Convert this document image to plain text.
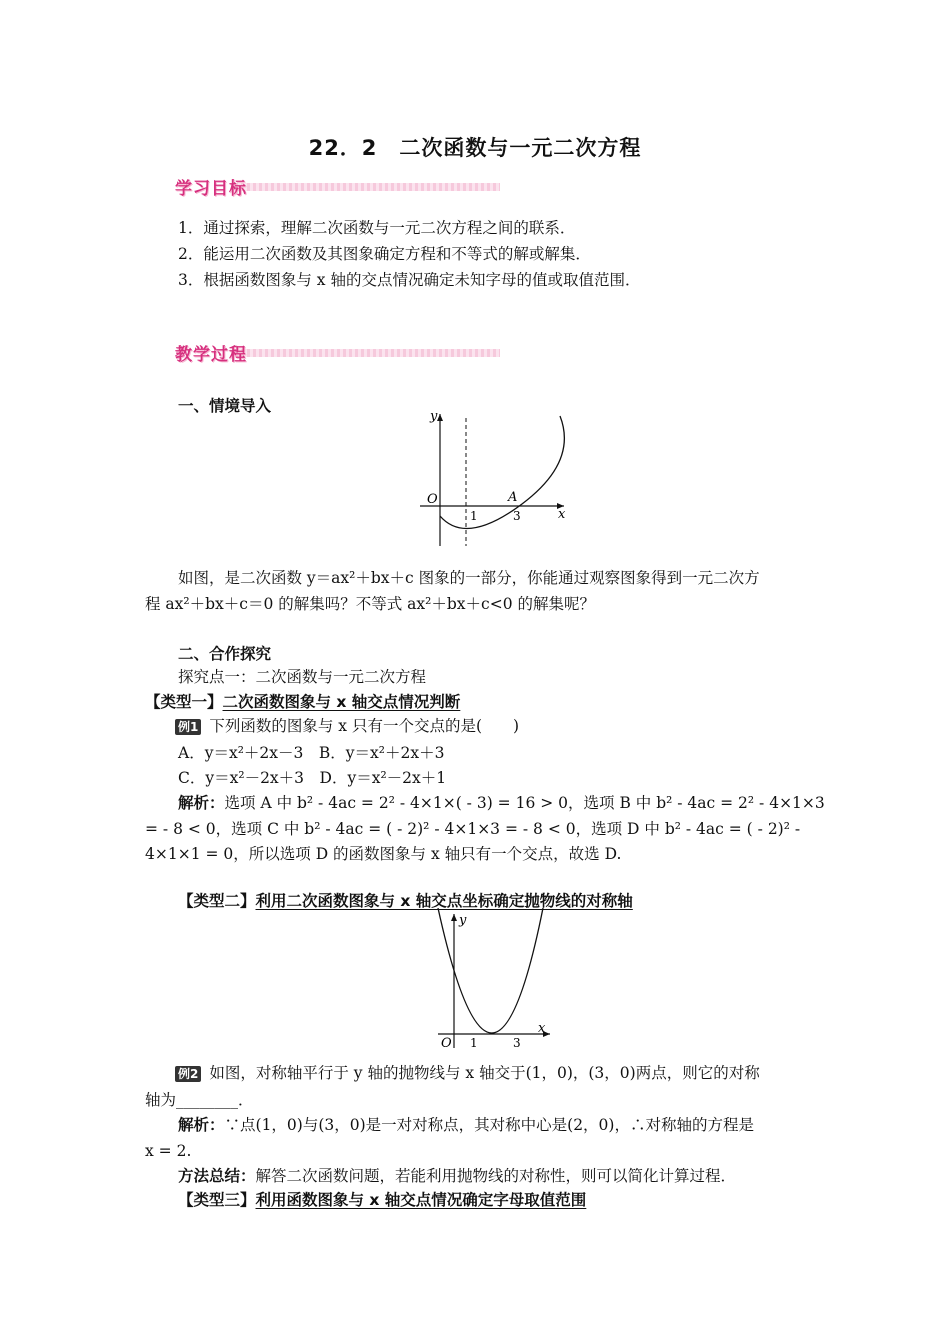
22．2　二次函数与一元二次方程
学习目标
1．通过探索，理解二次函数与一元二次方程之间的联系．
2．能运用二次函数及其图象确定方程和不等式的解或解集．
3．根据函数图象与 x 轴的交点情况确定未知字母的值或取值范围．
教学过程
一、情境导入
y
x
O	A
1	3
如图，是二次函数 y＝ax²＋bx＋c 图象的一部分，你能通过观察图象得到一元二次方
程 ax²＋bx＋c＝0 的解集吗？不等式 ax²＋bx＋c<0 的解集呢？
二、合作探究
探究点一：二次函数与一元二次方程
【类型一】二次函数图象与 x 轴交点情况判断
例1 下列函数的图象与 x 只有一个交点的是(　　)
A．y＝x²＋2x－3　B．y＝x²＋2x＋3
C．y＝x²－2x＋3　D．y＝x²－2x＋1
解析：选项 A 中 b² - 4ac = 2² - 4×1×( - 3) = 16 > 0，选项 B 中 b² - 4ac = 2² - 4×1×3
= - 8 < 0，选项 C 中 b² - 4ac = ( - 2)² - 4×1×3 = - 8 < 0，选项 D 中 b² - 4ac = ( - 2)² -
4×1×1 = 0，所以选项 D 的函数图象与 x 轴只有一个交点，故选 D.
【类型二】利用二次函数图象与 x 轴交点坐标确定抛物线的对称轴
y
x
O 1	3
例2 如图，对称轴平行于 y 轴的抛物线与 x 轴交于(1，0)，(3，0)两点，则它的对称
轴为________．
解析：∵点(1，0)与(3，0)是一对对称点，其对称中心是(2，0)，∴对称轴的方程是
x = 2.
方法总结：解答二次函数问题，若能利用抛物线的对称性，则可以简化计算过程．
【类型三】利用函数图象与 x 轴交点情况确定字母取值范围
